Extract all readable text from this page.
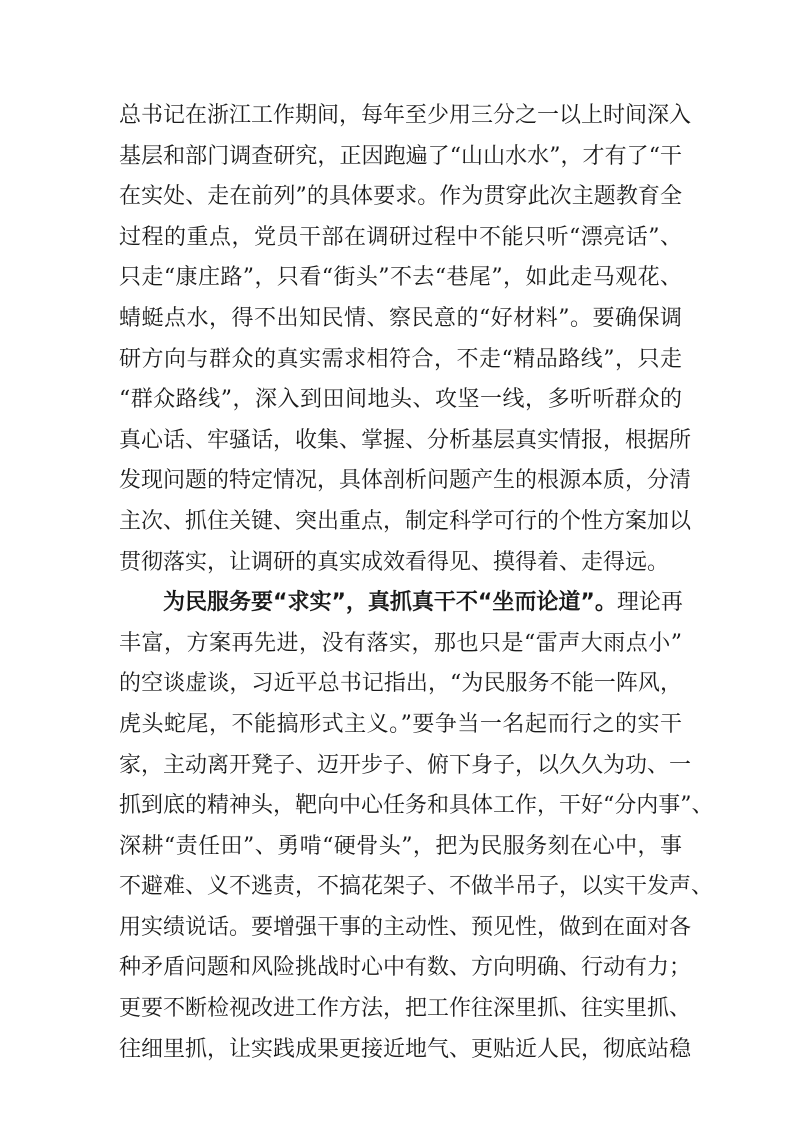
总书记在浙江工作期间，每年至少用三分之一以上时间深入
基层和部门调查研究，正因跑遍了“山山水水”，才有了“干
在实处、走在前列”的具体要求。作为贯穿此次主题教育全
过程的重点，党员干部在调研过程中不能只听“漂亮话”、
只走“康庄路”，只看“街头”不去“巷尾”，如此走马观花、
蜻蜓点水，得不出知民情、察民意的“好材料”。要确保调
研方向与群众的真实需求相符合，不走“精品路线”，只走
“群众路线”，深入到田间地头、攻坚一线，多听听群众的
真心话、牢骚话，收集、掌握、分析基层真实情报，根据所
发现问题的特定情况，具体剖析问题产生的根源本质，分清
主次、抓住关键、突出重点，制定科学可行的个性方案加以
贯彻落实，让调研的真实成效看得见、摸得着、走得远。
为民服务要“求实”，真抓真干不“坐而论道”。理论再
丰富，方案再先进，没有落实，那也只是“雷声大雨点小”
的空谈虚谈，习近平总书记指出，“为民服务不能一阵风，
虎头蛇尾，不能搞形式主义。”要争当一名起而行之的实干
家，主动离开凳子、迈开步子、俯下身子，以久久为功、一
抓到底的精神头，靶向中心任务和具体工作，干好“分内事”、
深耕“责任田”、勇啃“硬骨头”，把为民服务刻在心中，事
不避难、义不逃责，不搞花架子、不做半吊子，以实干发声、
用实绩说话。要增强干事的主动性、预见性，做到在面对各
种矛盾问题和风险挑战时心中有数、方向明确、行动有力；
更要不断检视改进工作方法，把工作往深里抓、往实里抓、
往细里抓，让实践成果更接近地气、更贴近人民，彻底站稳
